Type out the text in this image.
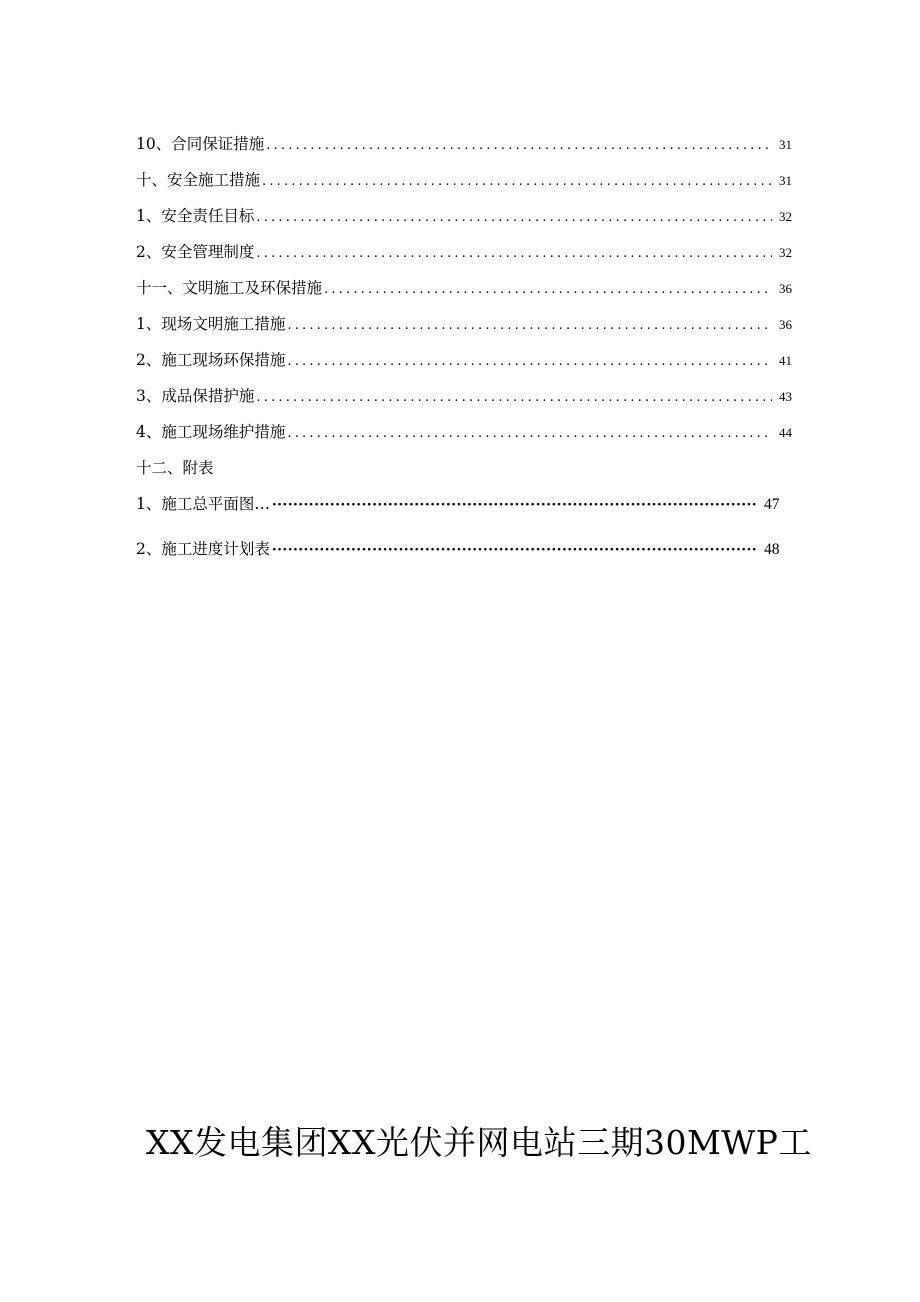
10、合同保证措施 .....	31
十、安全施工措施 .....	31
1、安全责任目标 .....	32
2、安全管理制度 .....	32
十一、文明施工及环保措施 .....	36
1、现场文明施工措施 .....	36
2、施工现场环保措施 .....	41
3、成品保措护施 .....	43
4、施工现场维护措施 .....	44
十二、附表
1、施工总平面图… ·····	47
2、施工进度计划表 ·····	48
XX发电集团XX光伏并网电站三期30MWP工
